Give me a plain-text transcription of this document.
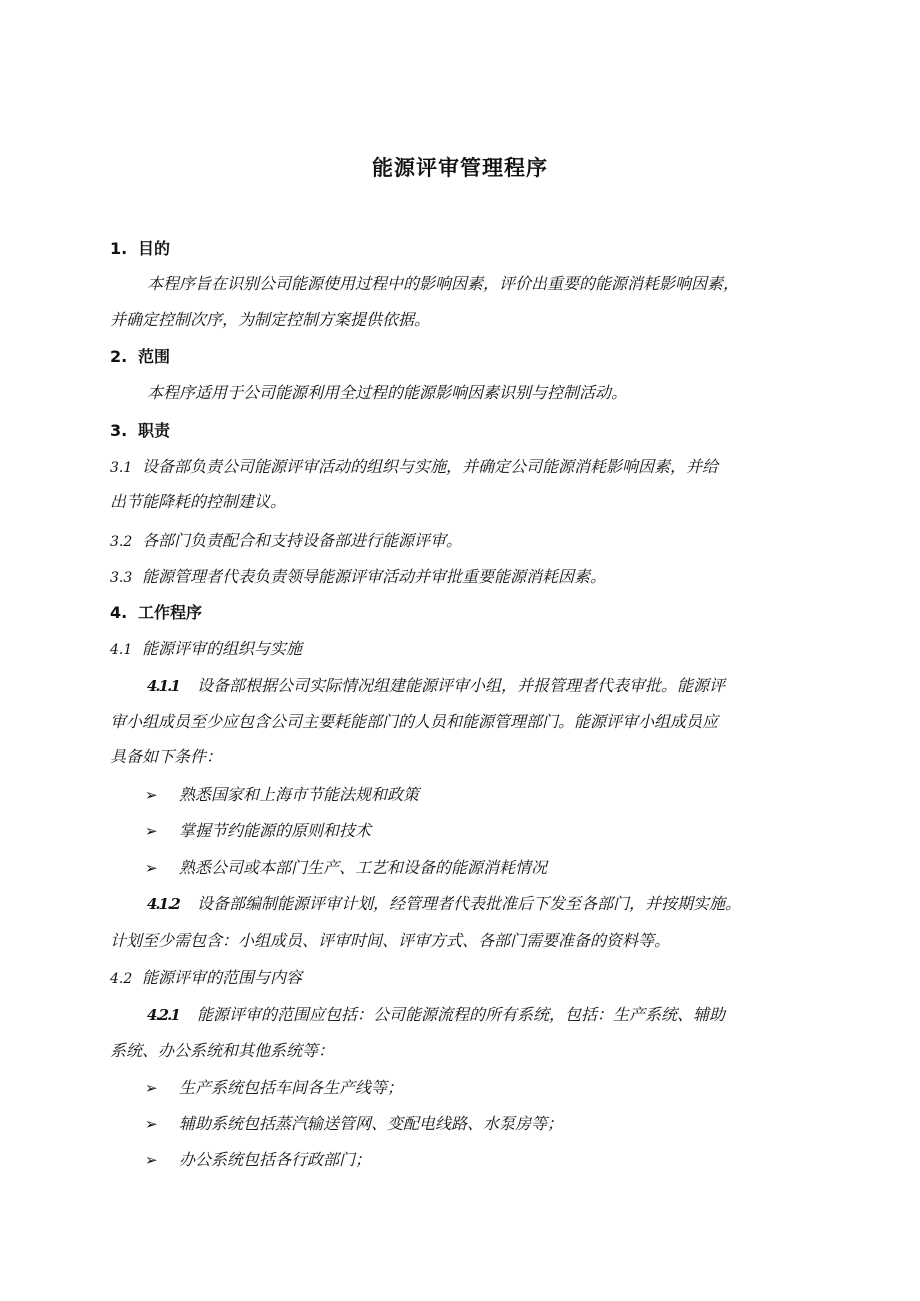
能源评审管理程序
1. 目的
本程序旨在识别公司能源使用过程中的影响因素，评价出重要的能源消耗影响因素，
并确定控制次序，为制定控制方案提供依据。
2. 范围
本程序适用于公司能源利用全过程的能源影响因素识别与控制活动。
3. 职责
3.1 设备部负责公司能源评审活动的组织与实施，并确定公司能源消耗影响因素，并给
出节能降耗的控制建议。
3.2 各部门负责配合和支持设备部进行能源评审。
3.3 能源管理者代表负责领导能源评审活动并审批重要能源消耗因素。
4. 工作程序
4.1 能源评审的组织与实施
4.1.1 设备部根据公司实际情况组建能源评审小组，并报管理者代表审批。能源评
审小组成员至少应包含公司主要耗能部门的人员和能源管理部门。能源评审小组成员应
具备如下条件：
➢ 熟悉国家和上海市节能法规和政策
➢ 掌握节约能源的原则和技术
➢ 熟悉公司或本部门生产、工艺和设备的能源消耗情况
4.1.2 设备部编制能源评审计划，经管理者代表批准后下发至各部门，并按期实施。
计划至少需包含：小组成员、评审时间、评审方式、各部门需要准备的资料等。
4.2 能源评审的范围与内容
4.2.1 能源评审的范围应包括：公司能源流程的所有系统，包括：生产系统、辅助
系统、办公系统和其他系统等：
➢ 生产系统包括车间各生产线等；
➢ 辅助系统包括蒸汽输送管网、变配电线路、水泵房等；
➢ 办公系统包括各行政部门；
